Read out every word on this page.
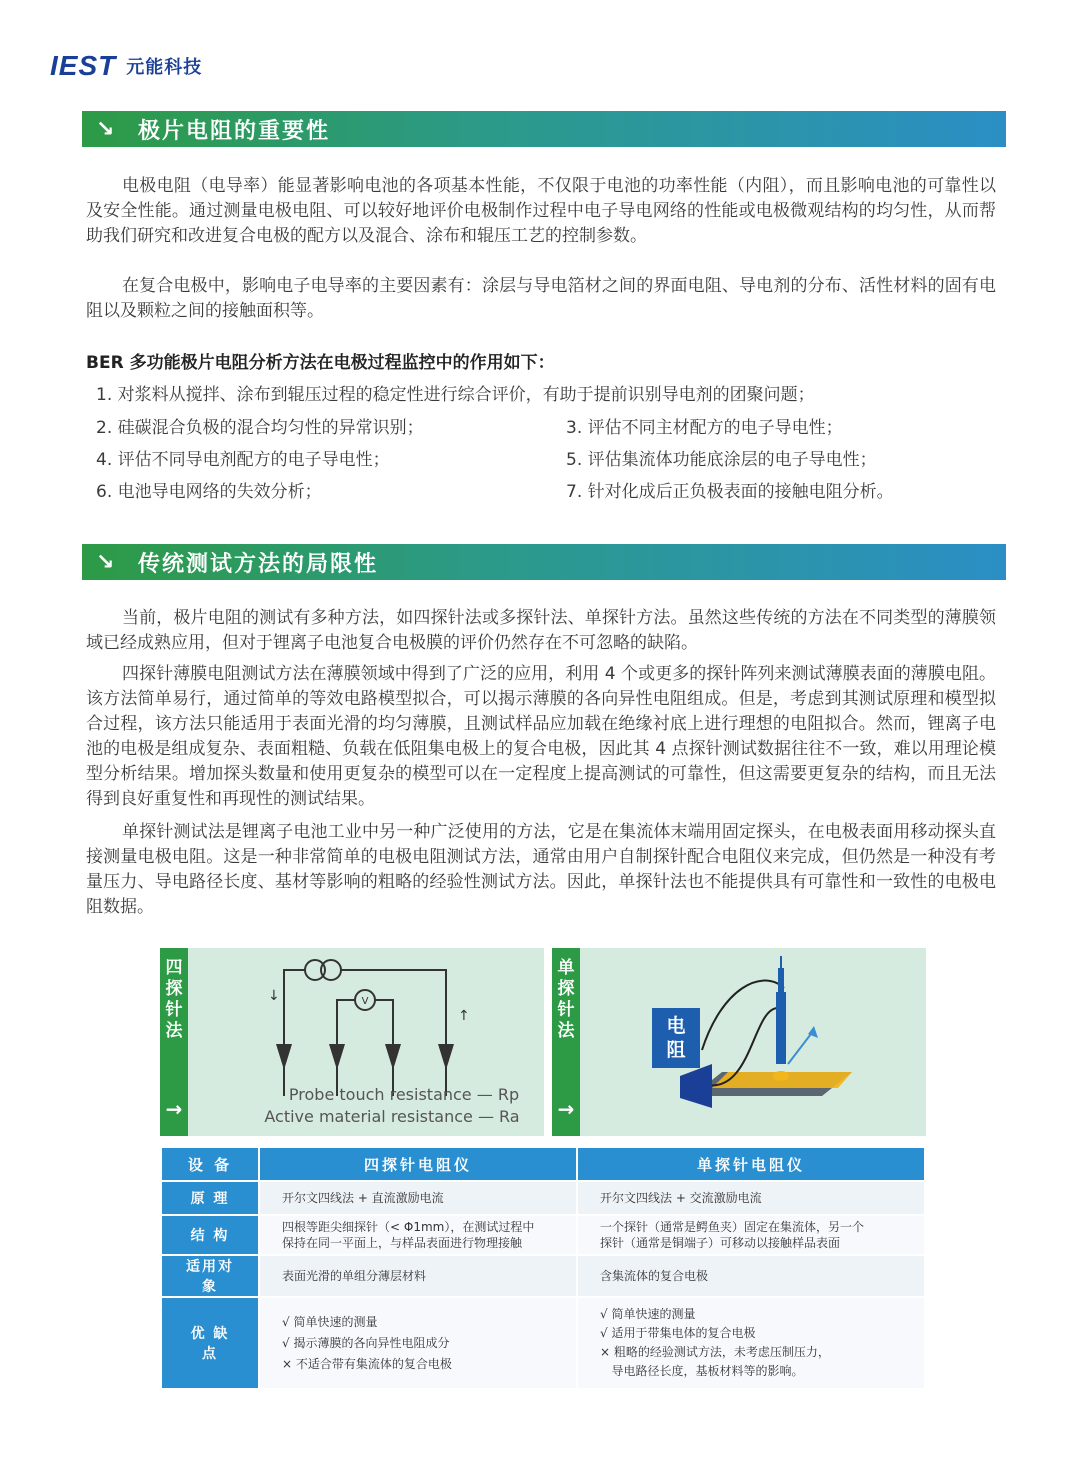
IEST 元能科技
↘	极片电阻的重要性
电极电阻（电导率）能显著影响电池的各项基本性能，不仅限于电池的功率性能（内阻），而且影响电池的可靠性以及安全性能。通过测量电极电阻、可以较好地评价电极制作过程中电子导电网络的性能或电极微观结构的均匀性，从而帮助我们研究和改进复合电极的配方以及混合、涂布和辊压工艺的控制参数。
在复合电极中，影响电子电导率的主要因素有：涂层与导电箔材之间的界面电阻、导电剂的分布、活性材料的固有电阻以及颗粒之间的接触面积等。
BER 多功能极片电阻分析方法在电极过程监控中的作用如下：
1. 对浆料从搅拌、涂布到辊压过程的稳定性进行综合评价，有助于提前识别导电剂的团聚问题；
2. 硅碳混合负极的混合均匀性的异常识别；	3. 评估不同主材配方的电子导电性；
4. 评估不同导电剂配方的电子导电性；	5. 评估集流体功能底涂层的电子导电性；
6. 电池导电网络的失效分析；	7. 针对化成后正负极表面的接触电阻分析。
↘	传统测试方法的局限性
当前，极片电阻的测试有多种方法，如四探针法或多探针法、单探针方法。虽然这些传统的方法在不同类型的薄膜领域已经成熟应用，但对于锂离子电池复合电极膜的评价仍然存在不可忽略的缺陷。
四探针薄膜电阻测试方法在薄膜领域中得到了广泛的应用，利用 4 个或更多的探针阵列来测试薄膜表面的薄膜电阻。该方法简单易行，通过简单的等效电路模型拟合，可以揭示薄膜的各向异性电阻组成。但是，考虑到其测试原理和模型拟合过程，该方法只能适用于表面光滑的均匀薄膜，且测试样品应加载在绝缘衬底上进行理想的电阻拟合。然而，锂离子电池的电极是组成复杂、表面粗糙、负载在低阻集电极上的复合电极，因此其 4 点探针测试数据往往不一致，难以用理论模型分析结果。增加探头数量和使用更复杂的模型可以在一定程度上提高测试的可靠性，但这需要更复杂的结构，而且无法得到良好重复性和再现性的测试结果。
单探针测试法是锂离子电池工业中另一种广泛使用的方法，它是在集流体末端用固定探头，在电极表面用移动探头直接测量电极电阻。这是一种非常简单的电极电阻测试方法，通常由用户自制探针配合电阻仪来完成，但仍然是一种没有考量压力、导电路径长度、基材等影响的粗略的经验性测试方法。因此，单探针法也不能提供具有可靠性和一致性的电极电阻数据。
四
探
针
法
→
V
↓
↑
Probe touch resistance — Rp
Active material resistance — Ra
单
探
针
法
→
电
阻
设 备	四探针电阻仪	单探针电阻仪
原 理	开尔文四线法 + 直流激励电流	开尔文四线法 + 交流激励电流

结 构	四根等距尖细探针（< Φ1mm），在测试过程中
保持在同一平面上，与样品表面进行物理接触	一个探针（通常是鳄鱼夹）固定在集流体，另一个
探针（通常是铜端子）可移动以接触样品表面

适用对象	表面光滑的单组分薄层材料	含集流体的复合电极

优 缺 点	√ 简单快速的测量
√ 揭示薄膜的各向异性电阻成分
× 不适合带有集流体的复合电极	√ 简单快速的测量
√ 适用于带集电体的复合电极
× 粗略的经验测试方法，未考虑压制压力，
导电路径长度，基板材料等的影响。
